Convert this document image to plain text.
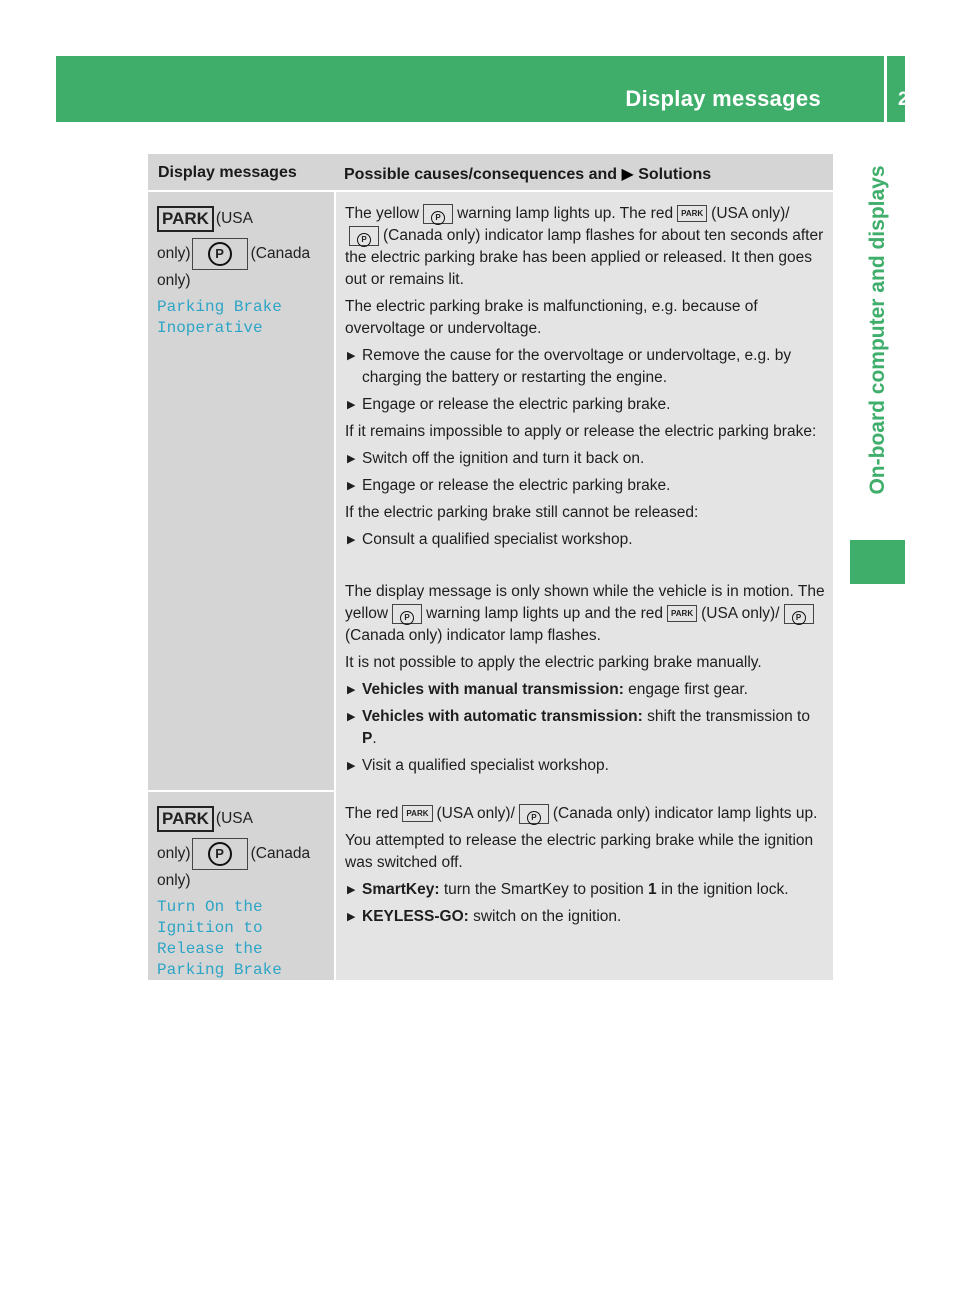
Display messages	215
On-board computer and displays
Display messages	Possible causes/consequences and ▶ Solutions
PARK (USA
only) P (Canada
only)
Parking Brake
Inoperative

The yellow P warning lamp lights up. The red PARK (USA only)/P (Canada only) indicator lamp flashes for about ten seconds after the electric parking brake has been applied or released. It then goes out or remains lit.

The electric parking brake is malfunctioning, e.g. because of overvoltage or undervoltage.

▶ Remove the cause for the overvoltage or undervoltage, e.g. by charging the battery or restarting the engine.
▶ Engage or release the electric parking brake.

If it remains impossible to apply or release the electric parking brake:

▶ Switch off the ignition and turn it back on.
▶ Engage or release the electric parking brake.

If the electric parking brake still cannot be released:

▶ Consult a qualified specialist workshop.

The display message is only shown while the vehicle is in motion. The yellow P warning lamp lights up and the red PARK (USA only)/ P(Canada only) indicator lamp flashes.

It is not possible to apply the electric parking brake manually.

▶ Vehicles with manual transmission: engage first gear.
▶ Vehicles with automatic transmission: shift the transmission to P.
▶ Visit a qualified specialist workshop.
PARK (USA
only) P (Canada
only)
Turn On the
Ignition to
Release the
Parking Brake

The red PARK (USA only)/ P (Canada only) indicator lamp lights up.

You attempted to release the electric parking brake while the ignition was switched off.

▶ SmartKey: turn the SmartKey to position 1 in the ignition lock.
▶ KEYLESS-GO: switch on the ignition.
